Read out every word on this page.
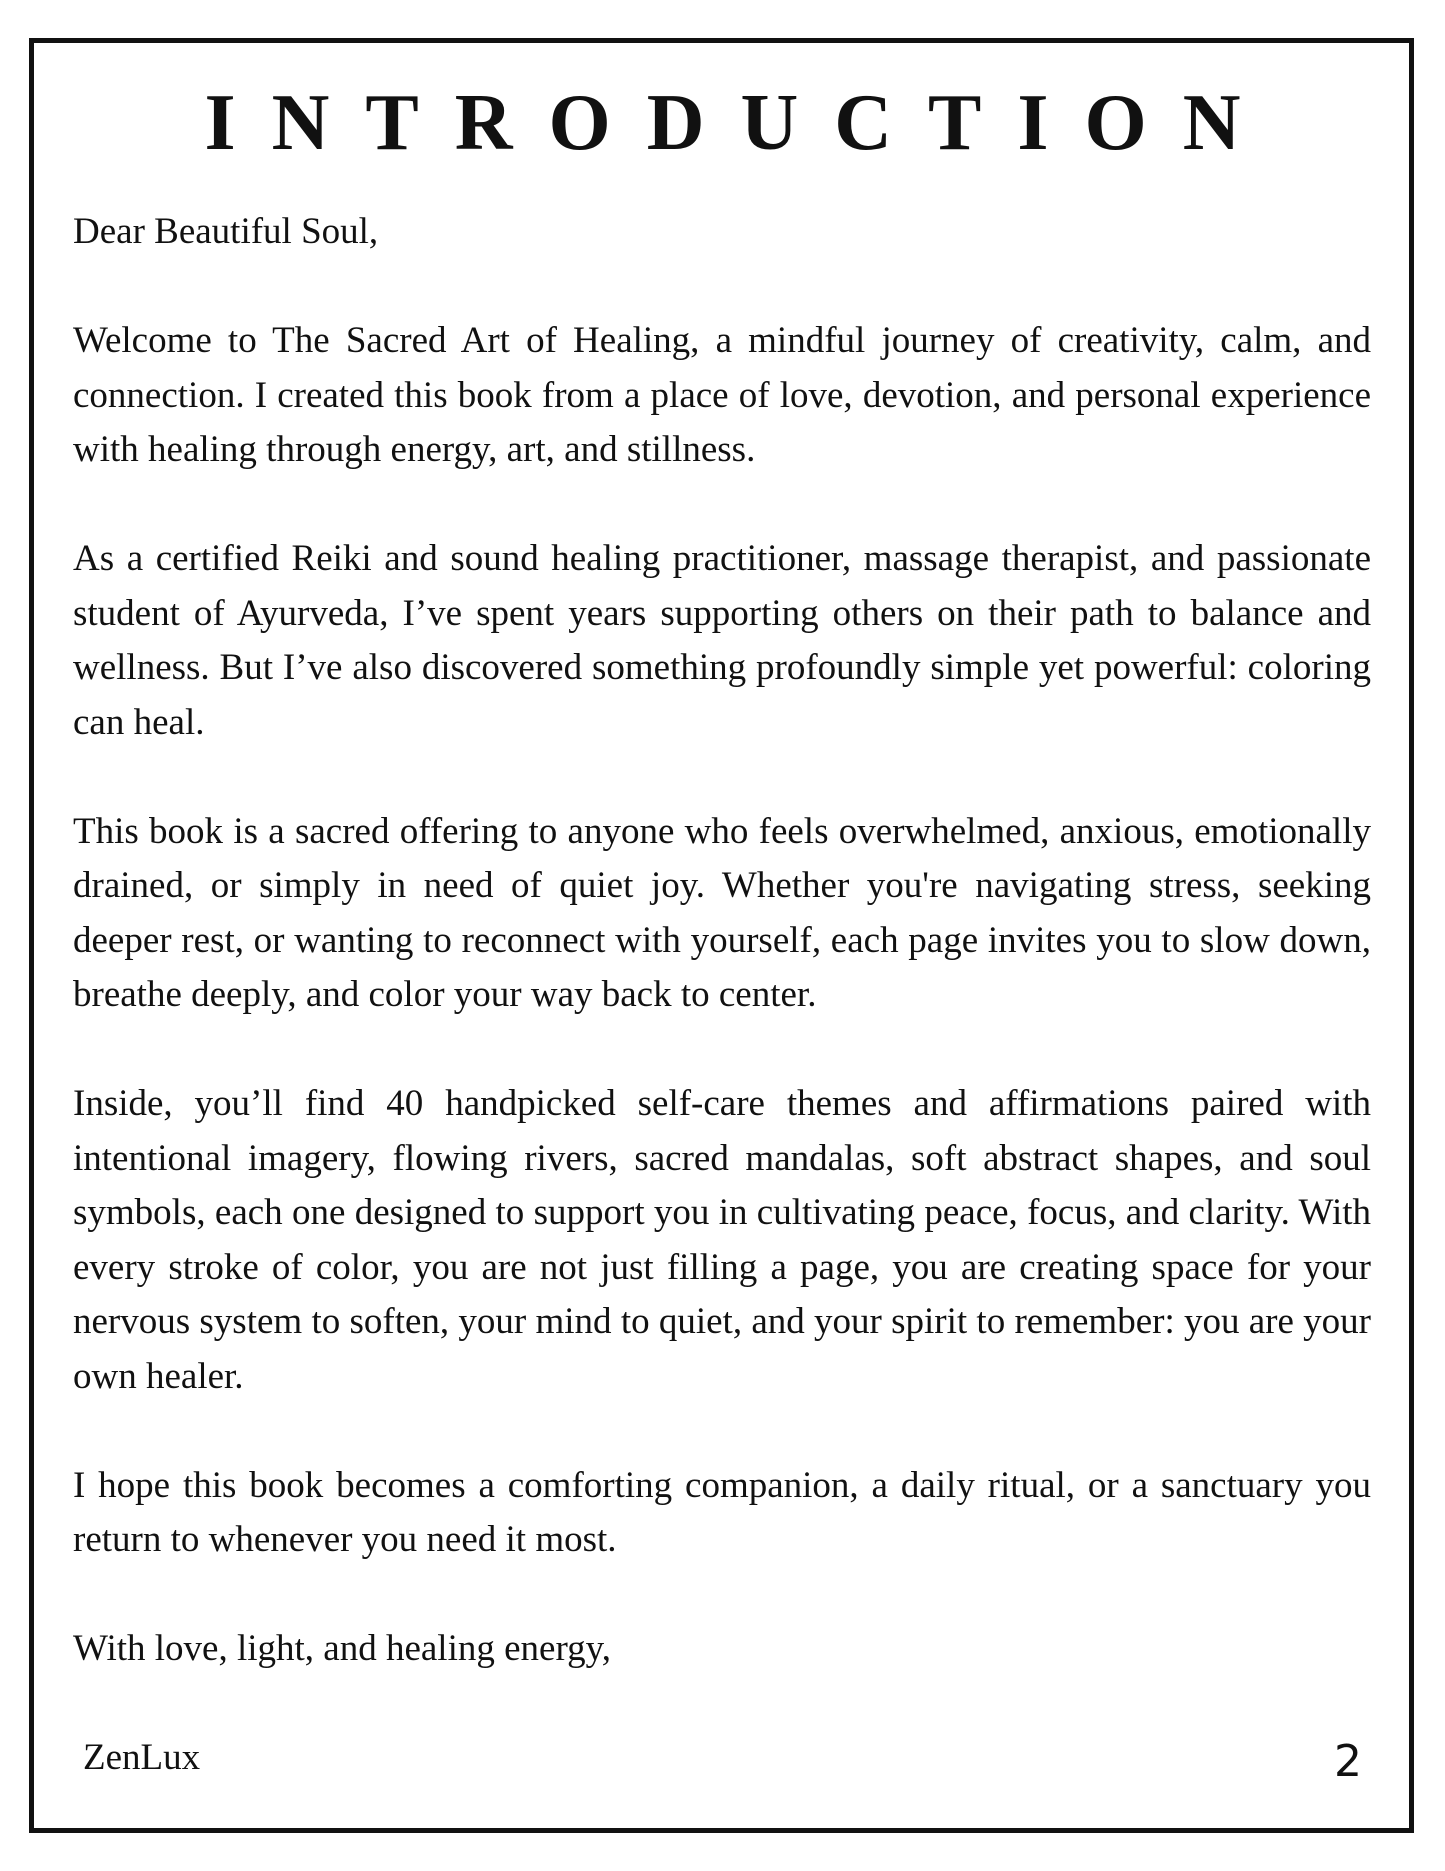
INTRODUCTION

Dear Beautiful Soul,

Welcome to The Sacred Art of Healing, a mindful journey of creativity, calm, and connection. I created this book from a place of love, devotion, and personal experience with healing through energy, art, and stillness.

As a certified Reiki and sound healing practitioner, massage therapist, and passionate student of Ayurveda, I’ve spent years supporting others on their path to balance and wellness. But I’ve also discovered something profoundly simple yet powerful: coloring can heal.

This book is a sacred offering to anyone who feels overwhelmed, anxious, emotionally drained, or simply in need of quiet joy. Whether you're navigating stress, seeking deeper rest, or wanting to reconnect with yourself, each page invites you to slow down, breathe deeply, and color your way back to center.

Inside, you’ll find 40 handpicked self-care themes and affirmations paired with intentional imagery, flowing rivers, sacred mandalas, soft abstract shapes, and soul symbols, each one designed to support you in cultivating peace, focus, and clarity. With every stroke of color, you are not just filling a page, you are creating space for your nervous system to soften, your mind to quiet, and your spirit to remember: you are your own healer.

I hope this book becomes a comforting companion, a daily ritual, or a sanctuary you return to whenever you need it most.

With love, light, and healing energy,

ZenLux	2
